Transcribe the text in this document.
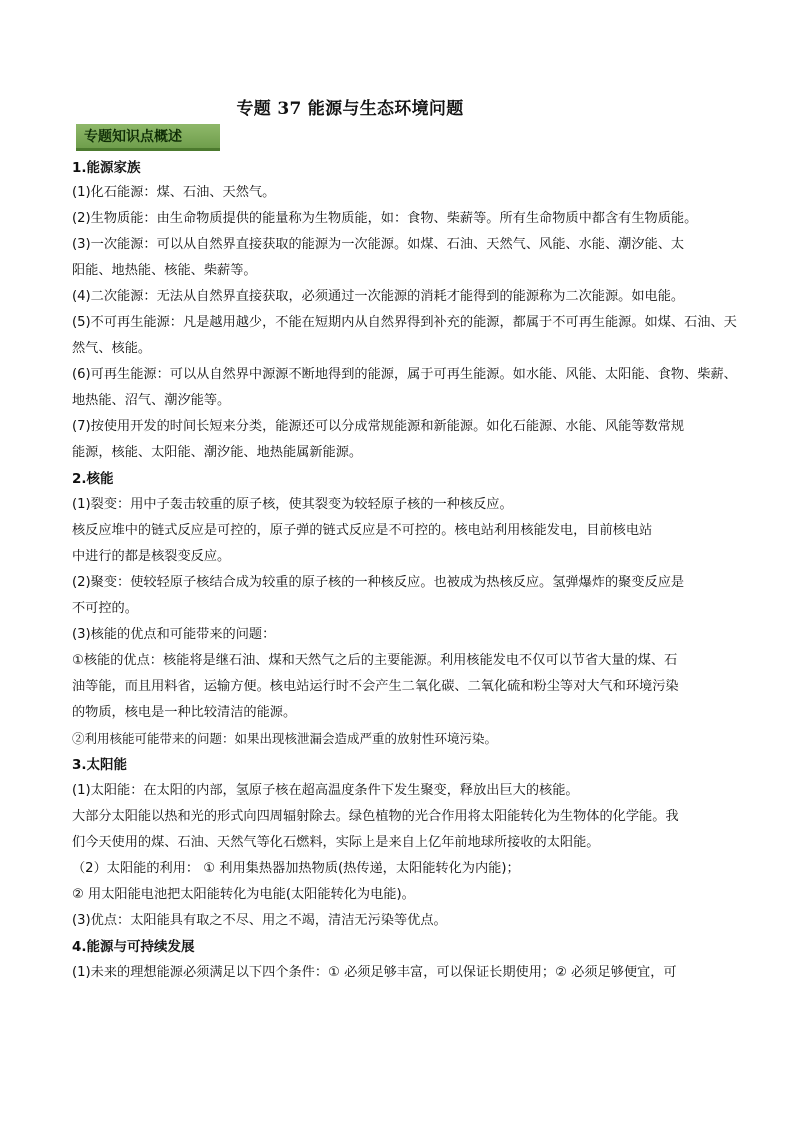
专题 37 能源与生态环境问题
专题知识点概述
1.能源家族
(1)化石能源：煤、石油、天然气。
(2)生物质能：由生命物质提供的能量称为生物质能，如：食物、柴薪等。所有生命物质中都含有生物质能。
(3)一次能源：可以从自然界直接获取的能源为一次能源。如煤、石油、天然气、风能、水能、潮汐能、太
阳能、地热能、核能、柴薪等。
(4)二次能源：无法从自然界直接获取，必须通过一次能源的消耗才能得到的能源称为二次能源。如电能。
(5)不可再生能源：凡是越用越少，不能在短期内从自然界得到补充的能源，都属于不可再生能源。如煤、石油、天
然气、核能。
(6)可再生能源：可以从自然界中源源不断地得到的能源，属于可再生能源。如水能、风能、太阳能、食物、柴薪、
地热能、沼气、潮汐能等。
(7)按使用开发的时间长短来分类，能源还可以分成常规能源和新能源。如化石能源、水能、风能等数常规
能源，核能、太阳能、潮汐能、地热能属新能源。
2.核能
(1)裂变：用中子轰击较重的原子核，使其裂变为较轻原子核的一种核反应。
核反应堆中的链式反应是可控的，原子弹的链式反应是不可控的。核电站利用核能发电，目前核电站
中进行的都是核裂变反应。
(2)聚变：使较轻原子核结合成为较重的原子核的一种核反应。也被成为热核反应。氢弹爆炸的聚变反应是
不可控的。
(3)核能的优点和可能带来的问题：
①核能的优点：核能将是继石油、煤和天然气之后的主要能源。利用核能发电不仅可以节省大量的煤、石
油等能，而且用料省，运输方便。核电站运行时不会产生二氧化碳、二氧化硫和粉尘等对大气和环境污染
的物质，核电是一种比较清洁的能源。
②利用核能可能带来的问题：如果出现核泄漏会造成严重的放射性环境污染。
3.太阳能
(1)太阳能：在太阳的内部，氢原子核在超高温度条件下发生聚变，释放出巨大的核能。
大部分太阳能以热和光的形式向四周辐射除去。绿色植物的光合作用将太阳能转化为生物体的化学能。我
们今天使用的煤、石油、天然气等化石燃料，实际上是来自上亿年前地球所接收的太阳能。
（2）太阳能的利用： ① 利用集热器加热物质(热传递，太阳能转化为内能)；
② 用太阳能电池把太阳能转化为电能(太阳能转化为电能)。
(3)优点：太阳能具有取之不尽、用之不竭，清洁无污染等优点。
4.能源与可持续发展
(1)未来的理想能源必须满足以下四个条件：① 必须足够丰富，可以保证长期使用；② 必须足够便宜，可
